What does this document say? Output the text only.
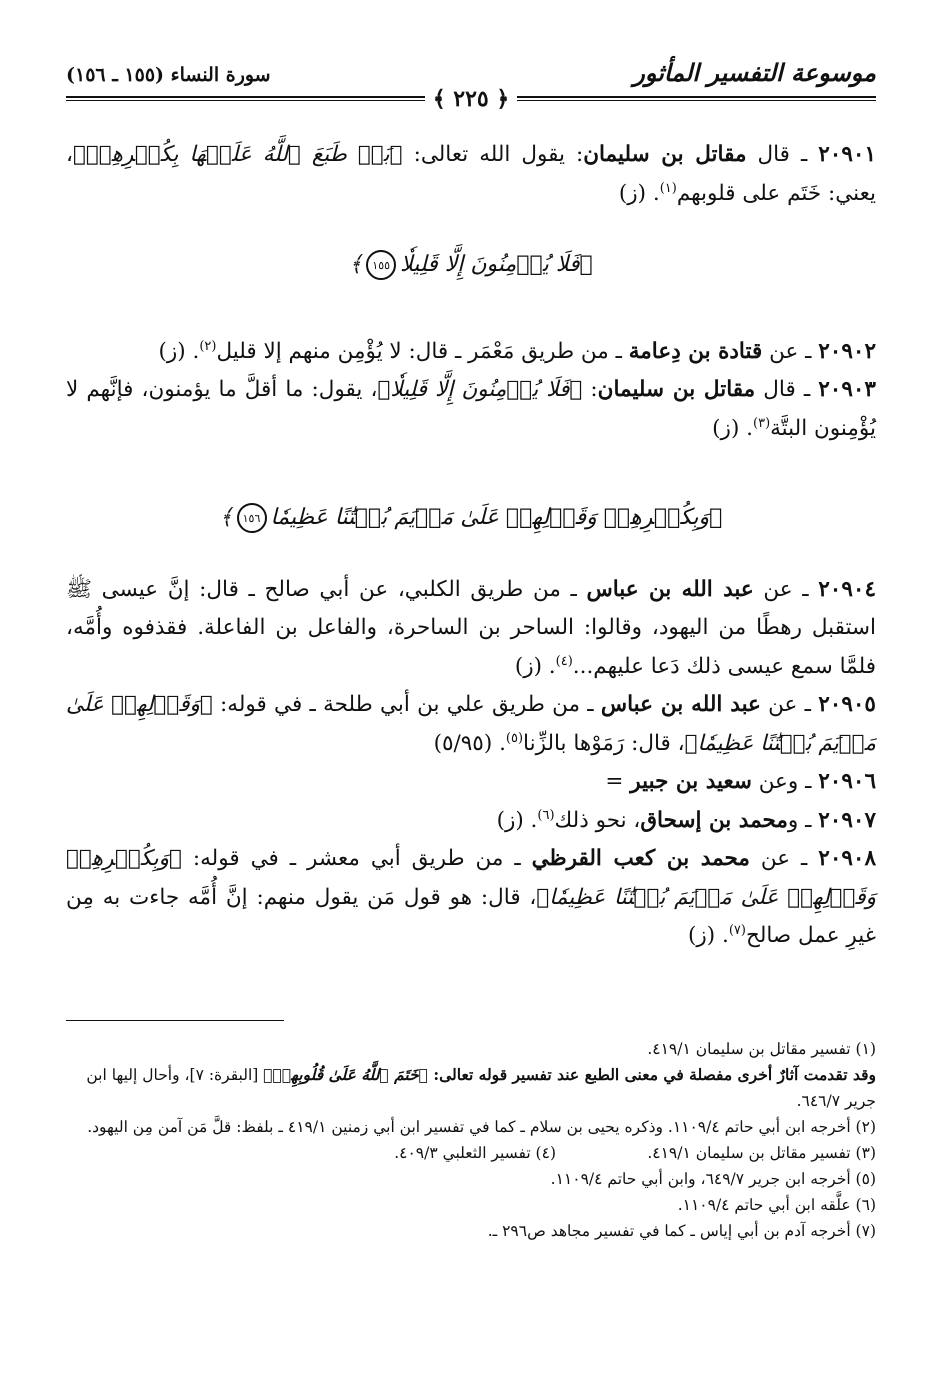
موسوعة التفسير المأثور
سورة النساء (١٥٥ ـ ١٥٦)
﴿ ٢٢٥ ﴾

٢٠٩٠١ ـ قال مقاتل بن سليمان: يقول الله تعالى: ﴿بَلۡ طَبَعَ ٱللَّهُ عَلَيۡهَا بِكُفۡرِهِمۡ﴾، يعني: خَتَم على قلوبهم$^{(١)}$. (ز)

﴿فَلَا يُؤۡمِنُونَ إِلَّا قَلِيلٗا١٥٥﴾

٢٠٩٠٢ ـ عن قتادة بن دِعامة ـ من طريق مَعْمَر ـ قال: لا يُؤْمِن منهم إلا قليل$^{(٢)}$. (ز)

٢٠٩٠٣ ـ قال مقاتل بن سليمان: ﴿فَلَا يُؤۡمِنُونَ إِلَّا قَلِيلٗا﴾، يقول: ما أقلَّ ما يؤمنون، فإنَّهم لا يُؤْمِنون البتَّة$^{(٣)}$. (ز)

﴿وَبِكُفۡرِهِمۡ وَقَوۡلِهِمۡ عَلَىٰ مَرۡيَمَ بُهۡتَٰنًا عَظِيمٗا١٥٦﴾

٢٠٩٠٤ ـ عن عبد الله بن عباس ـ من طريق الكلبي، عن أبي صالح ـ قال: إنَّ عيسى ﷺ استقبل رهطًا من اليهود، وقالوا: الساحر بن الساحرة، والفاعل بن الفاعلة. فقذفوه وأُمَّه، فلمَّا سمع عيسى ذلك دَعا عليهم...$^{(٤)}$. (ز)

٢٠٩٠٥ ـ عن عبد الله بن عباس ـ من طريق علي بن أبي طلحة ـ في قوله: ﴿وَقَوۡلِهِمۡ عَلَىٰ مَرۡيَمَ بُهۡتَٰنًا عَظِيمٗا﴾، قال: رَمَوْها بالزِّنا$^{(٥)}$. (٥/٩٥)

٢٠٩٠٦ ـ وعن سعيد بن جبير =

٢٠٩٠٧ ـ ومحمد بن إسحاق، نحو ذلك$^{(٦)}$. (ز)

٢٠٩٠٨ ـ عن محمد بن كعب القرظي ـ من طريق أبي معشر ـ في قوله: ﴿وَبِكُفۡرِهِمۡ وَقَوۡلِهِمۡ عَلَىٰ مَرۡيَمَ بُهۡتَٰنًا عَظِيمٗا﴾، قال: هو قول مَن يقول منهم: إنَّ أُمَّه جاءت به مِن غيرِ عمل صالح$^{(٧)}$. (ز)

(١) تفسير مقاتل بن سليمان ٤١٩/١.

وقد تقدمت آثارٌ أخرى مفصلة في معنى الطبع عند تفسير قوله تعالى: ﴿خَتَمَ ٱللَّهُ عَلَىٰ قُلُوبِهِمۡ﴾ [البقرة: ٧]، وأحال إليها ابن جرير ٦٤٦/٧.

(٢) أخرجه ابن أبي حاتم ١١٠٩/٤. وذكره يحيى بن سلام ـ كما في تفسير ابن أبي زمنين ٤١٩/١ ـ بلفظ: قلَّ مَن آمن مِن اليهود.

(٣) تفسير مقاتل بن سليمان ٤١٩/١.
(٤) تفسير الثعلبي ٤٠٩/٣.

(٥) أخرجه ابن جرير ٦٤٩/٧، وابن أبي حاتم ١١٠٩/٤.

(٦) علَّقه ابن أبي حاتم ١١٠٩/٤.

(٧) أخرجه آدم بن أبي إياس ـ كما في تفسير مجاهد ص٢٩٦ ـ.
